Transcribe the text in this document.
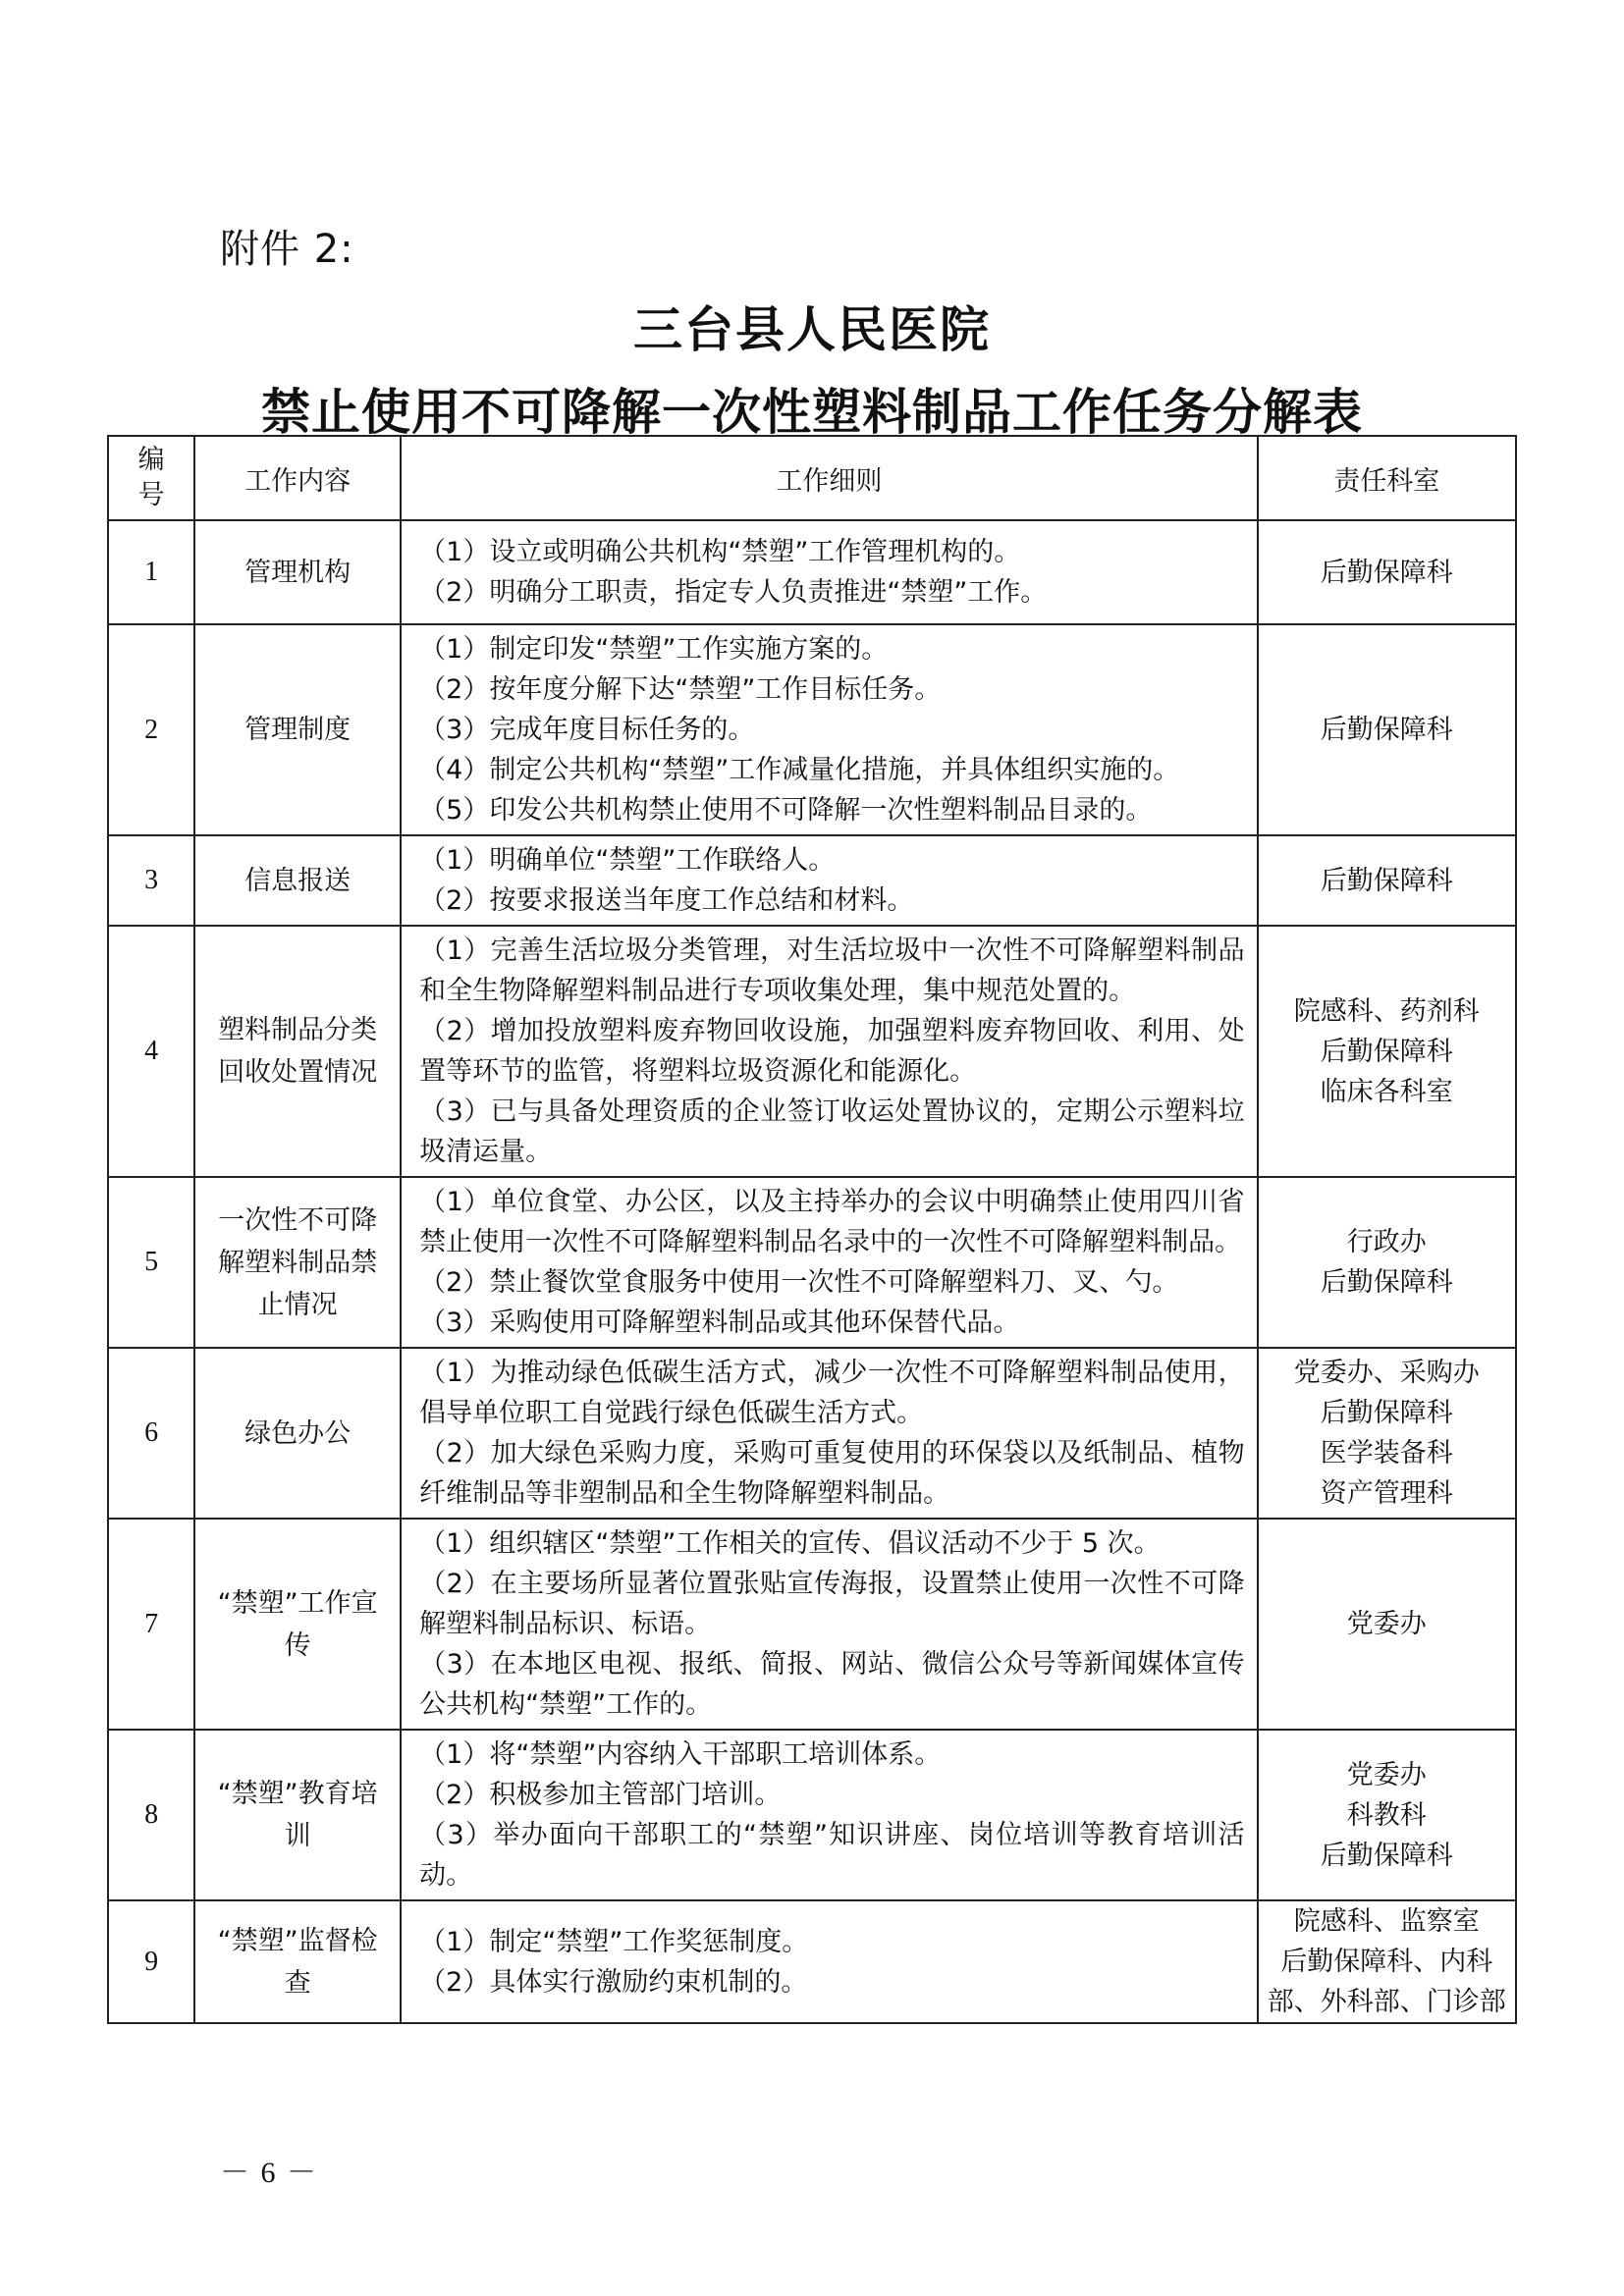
附件 2:
三台县人民医院
禁止使用不可降解一次性塑料制品工作任务分解表
编号	工作内容	工作细则	责任科室
1	管理机构	（1）设立或明确公共机构“禁塑”工作管理机构的。
（2）明确分工职责，指定专人负责推进“禁塑”工作。	后勤保障科

2	管理制度	（1）制定印发“禁塑”工作实施方案的。
（2）按年度分解下达“禁塑”工作目标任务。
（3）完成年度目标任务的。
（4）制定公共机构“禁塑”工作减量化措施，并具体组织实施的。
（5）印发公共机构禁止使用不可降解一次性塑料制品目录的。	后勤保障科

3	信息报送	（1）明确单位“禁塑”工作联络人。
（2）按要求报送当年度工作总结和材料。	后勤保障科

4	塑料制品分类回收处置情况	（1）完善生活垃圾分类管理，对生活垃圾中一次性不可降解塑料制品和全生物降解塑料制品进行专项收集处理，集中规范处置的。
（2）增加投放塑料废弃物回收设施，加强塑料废弃物回收、利用、处置等环节的监管，将塑料垃圾资源化和能源化。
（3）已与具备处理资质的企业签订收运处置协议的，定期公示塑料垃圾清运量。	院感科、药剂科
后勤保障科
临床各科室

5	一次性不可降解塑料制品禁止情况	（1）单位食堂、办公区，以及主持举办的会议中明确禁止使用四川省禁止使用一次性不可降解塑料制品名录中的一次性不可降解塑料制品。
（2）禁止餐饮堂食服务中使用一次性不可降解塑料刀、叉、勺。
（3）采购使用可降解塑料制品或其他环保替代品。	行政办
后勤保障科

6	绿色办公	（1）为推动绿色低碳生活方式，减少一次性不可降解塑料制品使用，倡导单位职工自觉践行绿色低碳生活方式。
（2）加大绿色采购力度，采购可重复使用的环保袋以及纸制品、植物纤维制品等非塑制品和全生物降解塑料制品。	党委办、采购办
后勤保障科
医学装备科
资产管理科

7	“禁塑”工作宣传	（1）组织辖区“禁塑”工作相关的宣传、倡议活动不少于 5 次。
（2）在主要场所显著位置张贴宣传海报，设置禁止使用一次性不可降解塑料制品标识、标语。
（3）在本地区电视、报纸、简报、网站、微信公众号等新闻媒体宣传公共机构“禁塑”工作的。	党委办

8	“禁塑”教育培训	（1）将“禁塑”内容纳入干部职工培训体系。
（2）积极参加主管部门培训。
（3）举办面向干部职工的“禁塑”知识讲座、岗位培训等教育培训活动。	党委办
科教科
后勤保障科

9	“禁塑”监督检查	（1）制定“禁塑”工作奖惩制度。
（2）具体实行激励约束机制的。	院感科、监察室
后勤保障科、内科部、外科部、门诊部
－ 6 －
